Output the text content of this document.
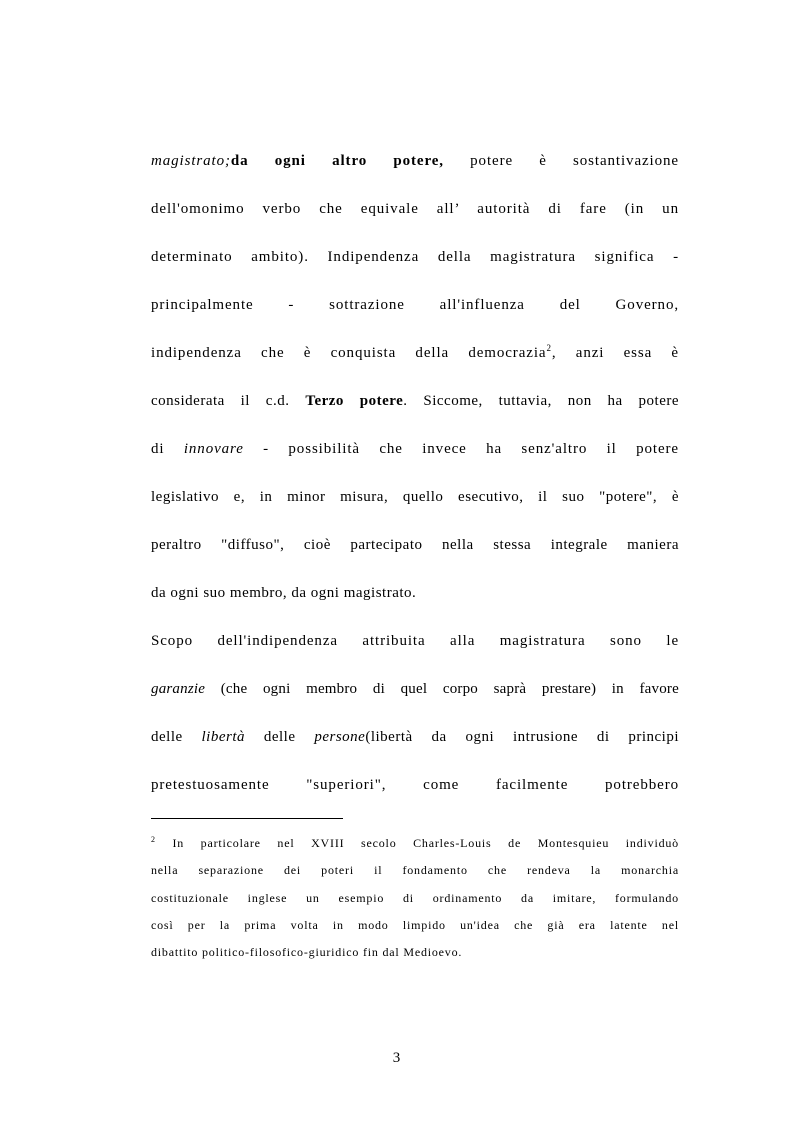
magistrato;da ogni altro potere, potere è sostantivazione
dell'omonimo verbo che equivale all’ autorità di fare (in un
determinato ambito). Indipendenza della magistratura significa -
principalmente - sottrazione all'influenza del Governo,
indipendenza che è conquista della democrazia$^2$, anzi essa è
considerata il c.d. Terzo potere. Siccome, tuttavia, non ha potere
di innovare - possibilità che invece ha senz'altro il potere
legislativo e, in minor misura, quello esecutivo, il suo "potere", è
peraltro "diffuso", cioè partecipato nella stessa integrale maniera
da ogni suo membro, da ogni magistrato.
Scopo dell'indipendenza attribuita alla magistratura sono le
garanzie (che ogni membro di quel corpo saprà prestare) in favore
delle libertà delle persone(libertà da ogni intrusione di principi
pretestuosamente "superiori", come facilmente potrebbero
$^2$ In particolare nel XVIII secolo Charles-Louis de Montesquieu individuò
nella separazione dei poteri il fondamento che rendeva la monarchia
costituzionale inglese un esempio di ordinamento da imitare, formulando
così per la prima volta in modo limpido un'idea che già era latente nel
dibattito politico-filosofico-giuridico fin dal Medioevo.
3
